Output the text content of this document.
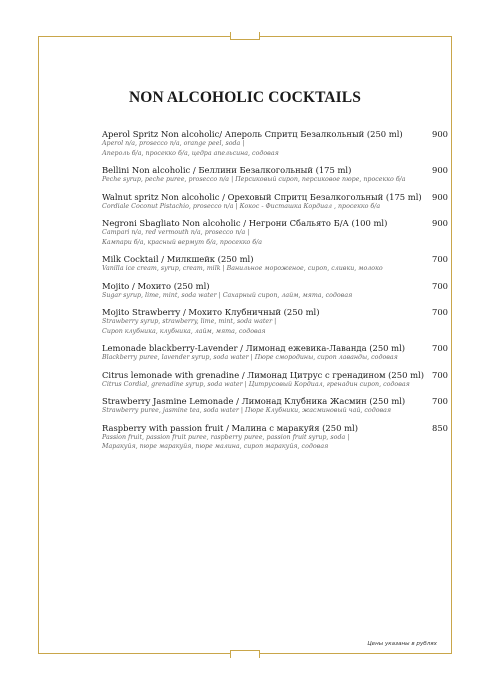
NON ALCOHOLIC COCKTAILS
Aperol Spritz Non alcoholic/ Апероль Спритц Безалкольный (250 ml)	900
Aperol n/a, prosecco n/a, orange peel, soda |
Апероль б/а, просекко б/а, цедра апельсина, содовая
Bellini Non alcoholic / Беллини Безалкогольный (175 ml)	900
Peche syrup, peche puree, prosecco n/a | Персиковый сироп, персиковое пюре, просекко б/а
Walnut spritz Non alcoholic / Ореховый Спритц Безалкогольный (175 ml)	900
Cordiale Coconut Pistachio, prosecco n/a | Кокос - Фисташка Кордиал , просекко б/а
Negroni Sbagliato Non alcoholic / Негрони Сбальято Б/А (100 ml)	900
Campari n/a, red vermouth n/a, prosecco n/a |
Кампари б/а, красный вермут б/а, просекко б/а
Milk Cocktail / Милкшейк (250 ml)	700
Vanilla ice cream, syrup, cream, milk | Ванильное мороженое, сироп, сливки, молоко
Mojito / Мохито (250 ml)	700
Sugar syrup, lime, mint, soda water | Сахарный сироп, лайм, мята, содовая
Mojito Strawberry / Мохито Клубничный (250 ml)	700
Strawberry syrup, strawberry, lime, mint, soda water |
Сироп клубника, клубника, лайм, мята, содовая
Lemonade blackberry-Lavender / Лимонад ежевика-Лаванда (250 ml)	700
Blackberry puree, lavender syrup, soda water | Пюре смородины, сироп лаванды, содовая
Citrus lemonade with grenadine / Лимонад Цитрус с гренадином (250 ml) 700
Citrus Cordial, grenadine syrup, soda water | Цитрусовый Кордиал, гренадин сироп, содовая
Strawberry Jasmine Lemonade / Лимонад Клубника Жасмин (250 ml)	700
Strawberry puree, jasmine tea, soda water | Пюре Клубники, жасминовый чай, содовая
Raspberry with passion fruit / Малина с маракуйя (250 ml)	850
Passion fruit, passion fruit puree, raspberry puree, passion fruit syrup, soda |
Маракуйя, пюре маракуйя, пюре малина, сироп маракуйя, содовая
Цены указаны в рублях
